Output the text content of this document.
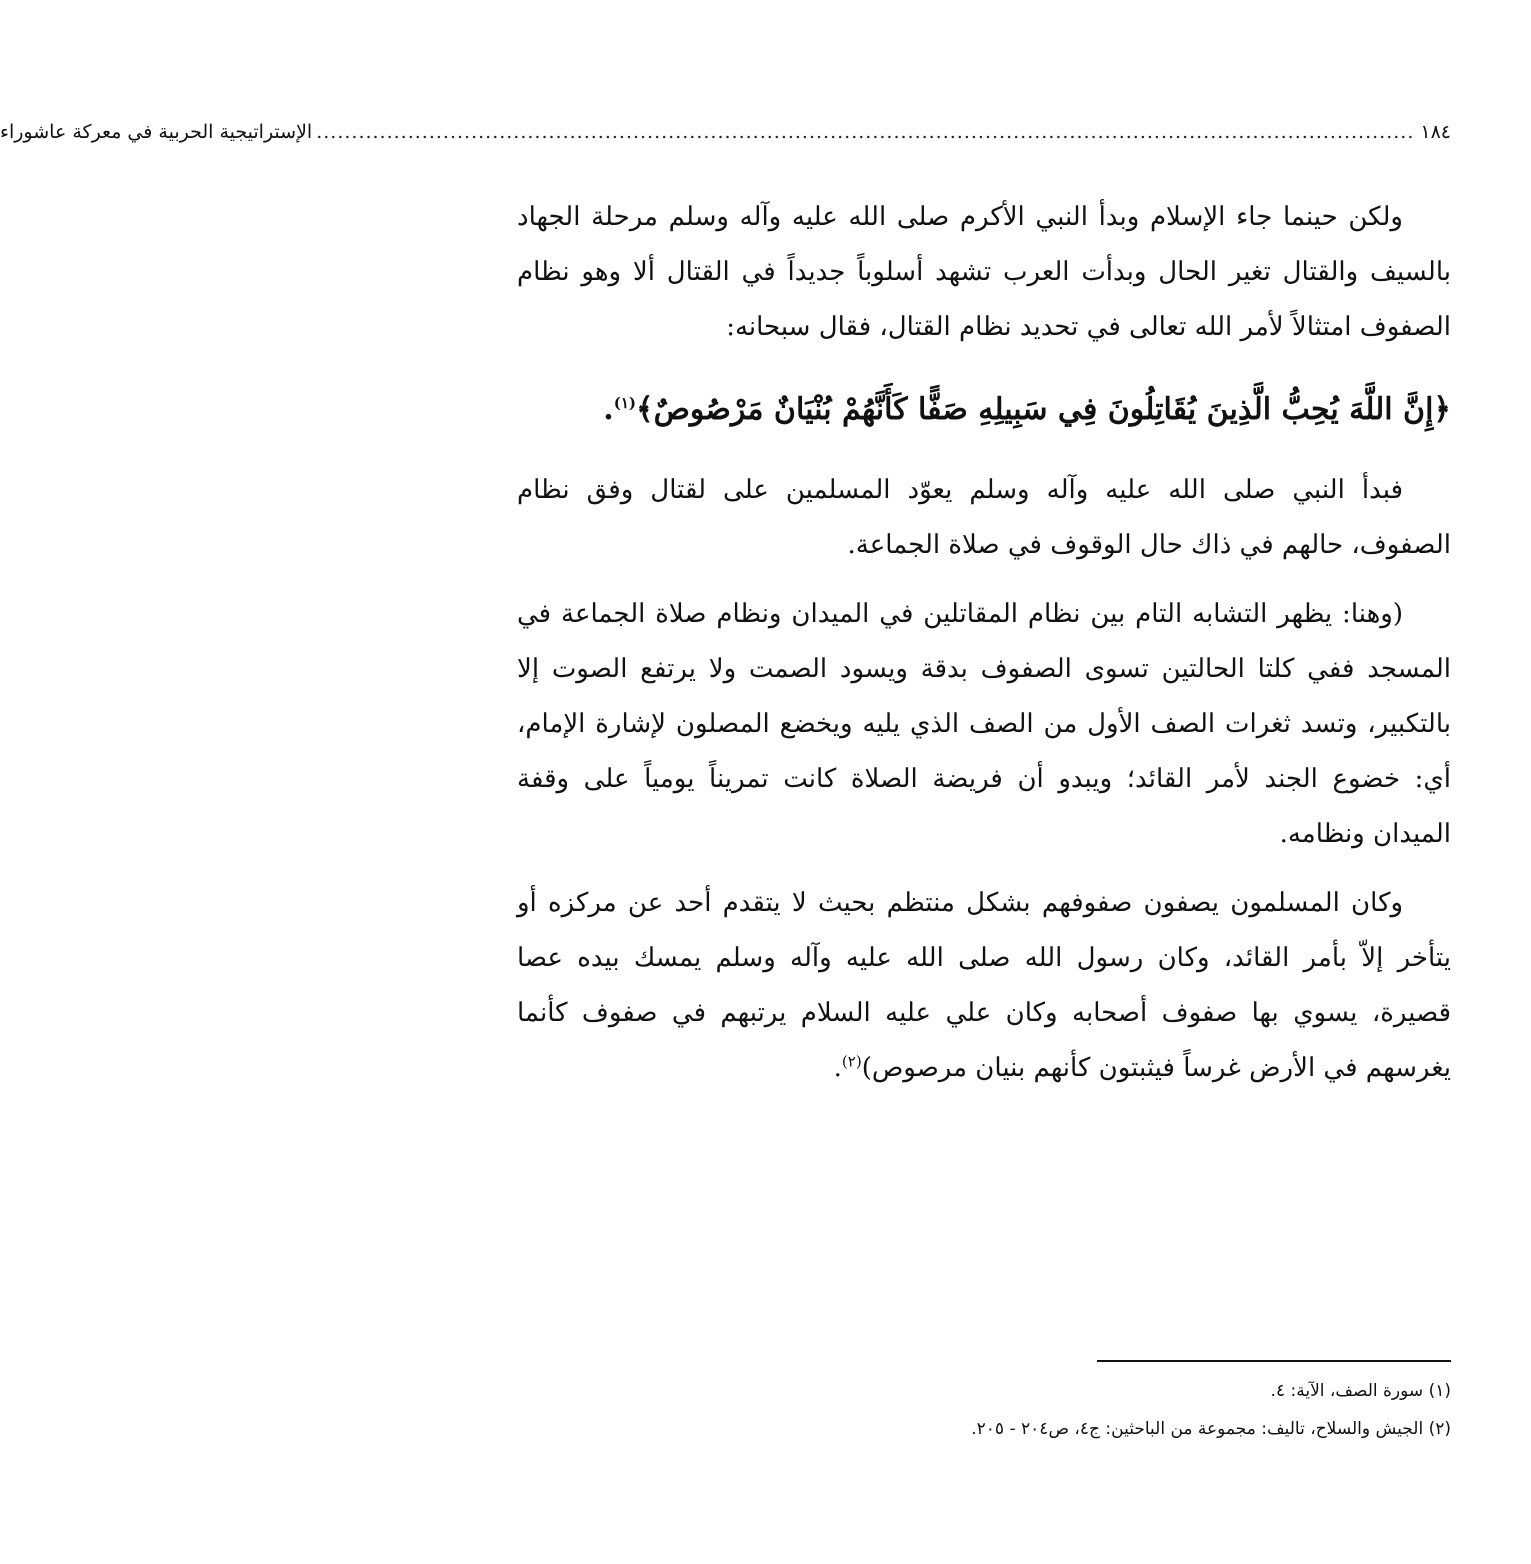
١٨٤
............................................................................................................................................................
الإستراتيجية الحربية في معركة عاشوراء

ولكن حينما جاء الإسلام وبدأ النبي الأكرم صلى الله عليه وآله وسلم مرحلة الجهاد بالسيف والقتال تغير الحال وبدأت العرب تشهد أسلوباً جديداً في القتال ألا وهو نظام الصفوف امتثالاً لأمر الله تعالى في تحديد نظام القتال، فقال سبحانه:

﴿إِنَّ اللَّهَ يُحِبُّ الَّذِينَ يُقَاتِلُونَ فِي سَبِيلِهِ صَفًّا كَأَنَّهُمْ بُنْيَانٌ مَرْصُوصٌ﴾$^{(١)}$.

فبدأ النبي صلى الله عليه وآله وسلم يعوّد المسلمين على لقتال وفق نظام الصفوف، حالهم في ذاك حال الوقوف في صلاة الجماعة.

(وهنا: يظهر التشابه التام بين نظام المقاتلين في الميدان ونظام صلاة الجماعة في المسجد ففي كلتا الحالتين تسوى الصفوف بدقة ويسود الصمت ولا يرتفع الصوت إلا بالتكبير، وتسد ثغرات الصف الأول من الصف الذي يليه ويخضع المصلون لإشارة الإمام، أي: خضوع الجند لأمر القائد؛ ويبدو أن فريضة الصلاة كانت تمريناً يومياً على وقفة الميدان ونظامه.

وكان المسلمون يصفون صفوفهم بشكل منتظم بحيث لا يتقدم أحد عن مركزه أو يتأخر إلاّ بأمر القائد، وكان رسول الله صلى الله عليه وآله وسلم يمسك بيده عصا قصيرة، يسوي بها صفوف أصحابه وكان علي عليه السلام يرتبهم في صفوف كأنما يغرسهم في الأرض غرساً فيثبتون كأنهم بنيان مرصوص)$^{(٢)}$.

(١) سورة الصف، الآية: ٤.

(٢) الجيش والسلاح، تاليف: مجموعة من الباحثين: ج٤، ص٢٠٤ - ٢٠٥.
